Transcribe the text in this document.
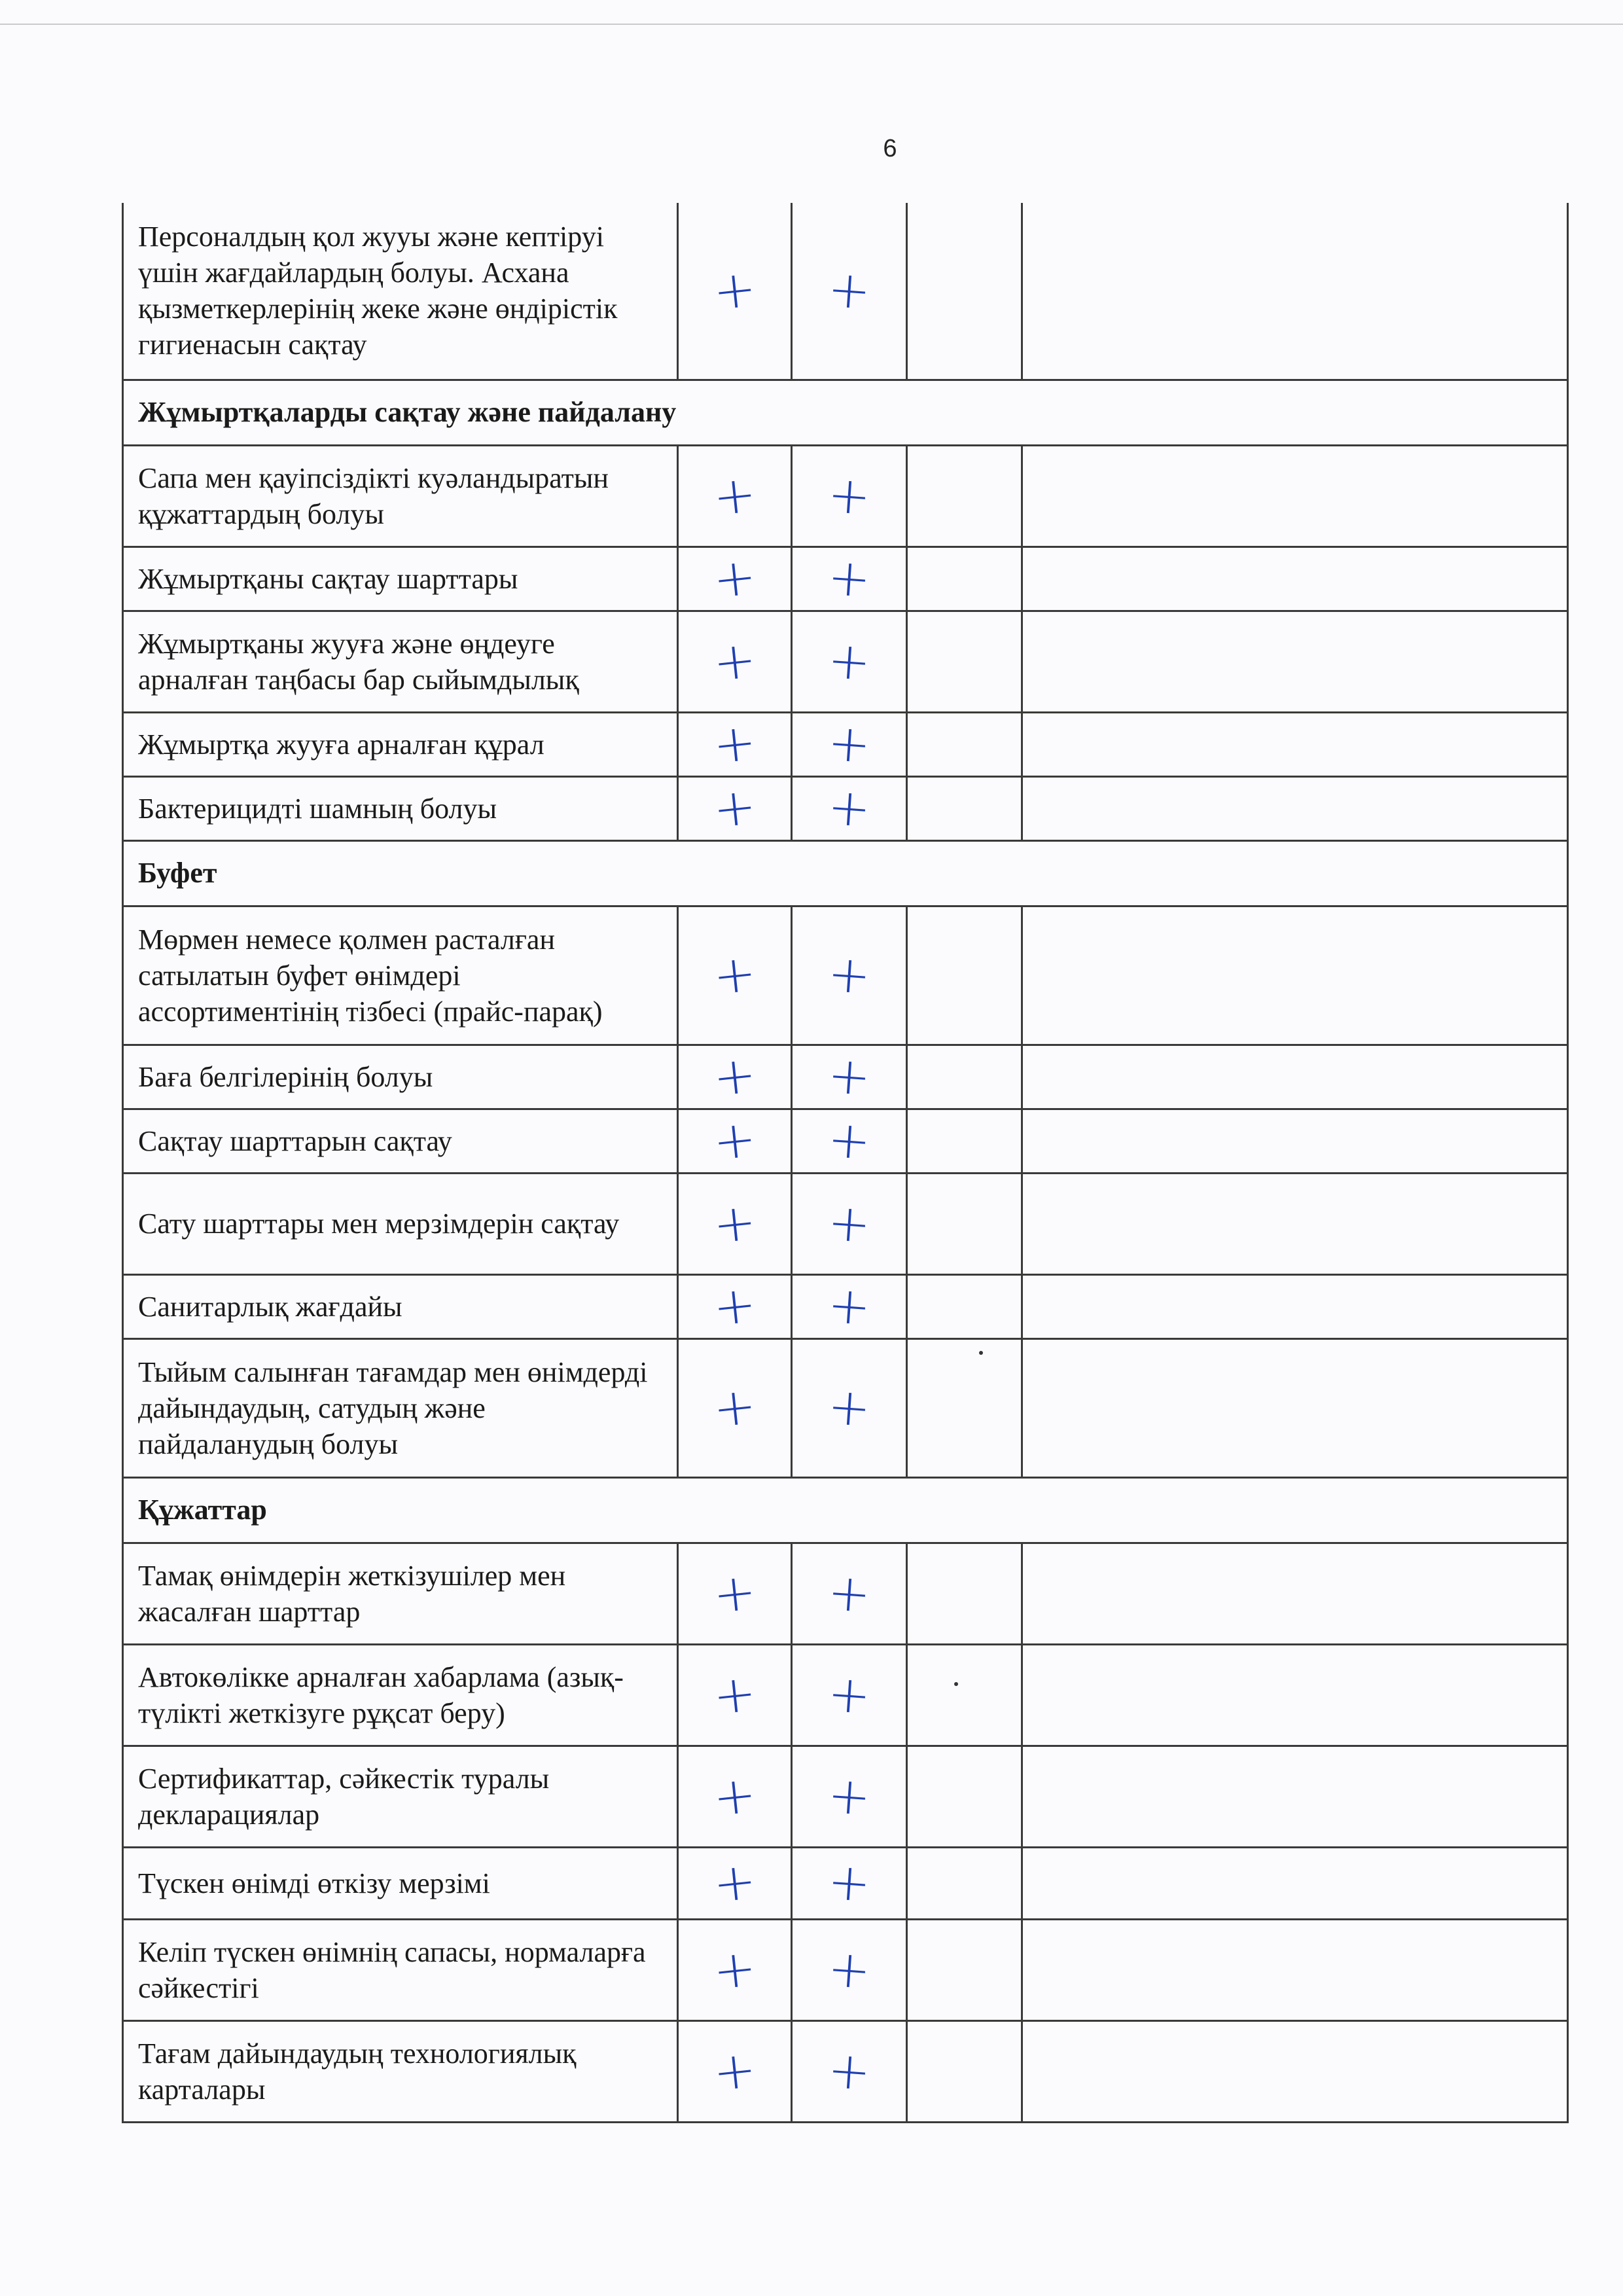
6
Персоналдың қол жууы және кептіруі үшін жағдайлардың болуы. Асхана қызметкерлерінің жеке және өндірістік гигиенасын сақтау	+	+		
Жұмыртқаларды сақтау және пайдалану				
Сапа мен қауіпсіздікті куәландыратын құжаттардың болуы	+	+		
Жұмыртқаны сақтау шарттары	+	+		
Жұмыртқаны жууға және өңдеуге арналған таңбасы бар сыйымдылық	+	+		
Жұмыртқа жууға арналған құрал	+	+		
Бактерицидті шамның болуы	+	+		
Буфет				
Мөрмен немесе қолмен расталған сатылатын буфет өнімдері ассортиментінің тізбесі (прайс-парақ)	+	+		
Баға белгілерінің болуы	+	+		
Сақтау шарттарын сақтау	+	+		
Сату шарттары мен мерзімдерін сақтау	+	+		
Санитарлық жағдайы	+	+		
Тыйым салынған тағамдар мен өнімдерді дайындаудың, сатудың және пайдаланудың болуы	+	+		
Құжаттар				
Тамақ өнімдерін жеткізушілер мен жасалған шарттар	+	+		
Автокөлікке арналған хабарлама (азық-түлікті жеткізуге рұқсат беру)	+	+		
Сертификаттар, сәйкестік туралы декларациялар	+	+		
Түскен өнімді өткізу мерзімі	+	+		
Келіп түскен өнімнің сапасы, нормаларға сәйкестігі	+	+		
Тағам дайындаудың технологиялық карталары	+	+		
